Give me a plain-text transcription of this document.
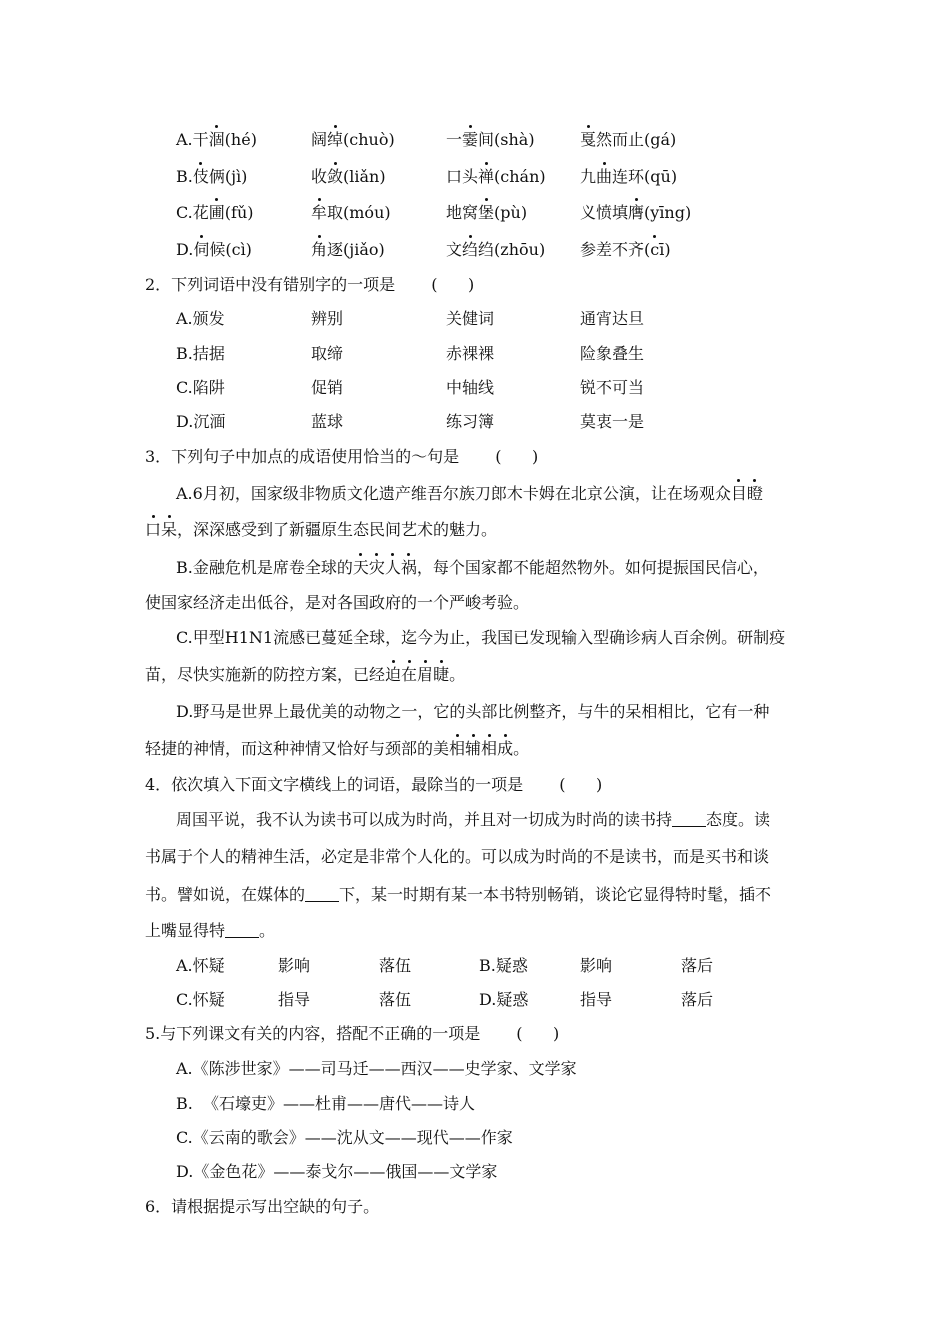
A.干涸(hé)	阔绰(chuò)	一霎间(shà)	戛然而止(gá)
B.伎俩(jì)	收敛(liǎn)	口头禅(chán) 九曲连环(qū)
C.花圃(fǔ)	牟取(móu)	地窝堡(pù)	义愤填膺(yīng)
D.伺候(cì)	角逐(jiǎo)	文绉绉(zhōu) 参差不齐(cī)
2．下列词语中没有错别字的一项是 (      )
A.颁发	辨别	关健词	通宵达旦
B.拮据	取缔	赤裸裸	险象叠生
C.陷阱	促销	中轴线	锐不可当
D.沉湎	蓝球	练习簿	莫衷一是
3．下列句子中加点的成语使用恰当的～句是 (      )
A.6月初，国家级非物质文化遗产维吾尔族刀郎木卡姆在北京公演，让在场观众目瞪
口呆，深深感受到了新疆原生态民间艺术的魅力。
B.金融危机是席卷全球的天灾人祸，每个国家都不能超然物外。如何提振国民信心，
使国家经济走出低谷，是对各国政府的一个严峻考验。
C.甲型H1N1流感已蔓延全球，迄今为止，我国已发现输入型确诊病人百余例。研制疫
苗，尽快实施新的防控方案，已经迫在眉睫。
D.野马是世界上最优美的动物之一，它的头部比例整齐，与牛的呆相相比，它有一种
轻捷的神情，而这种神情又恰好与颈部的美相辅相成。
4．依次填入下面文字横线上的词语，最除当的一项是 (      )
周国平说，我不认为读书可以成为时尚，并且对一切成为时尚的读书持 态度。读
书属于个人的精神生活，必定是非常个人化的。可以成为时尚的不是读书，而是买书和谈
书。譬如说，在媒体的 下，某一时期有某一本书特别畅销，谈论它显得特时髦，插不
上嘴显得特 。
A.怀疑	影响	落伍	B.疑惑	影响	落后
C.怀疑	指导	落伍	D.疑惑	指导	落后
5.与下列课文有关的内容，搭配不正确的一项是 (      )
A.《陈涉世家》——司马迁——西汉——史学家、文学家
B.  《石壕吏》——杜甫——唐代——诗人
C.《云南的歌会》——沈从文——现代——作家
D.《金色花》——泰戈尔——俄国——文学家
6．请根据提示写出空缺的句子。
